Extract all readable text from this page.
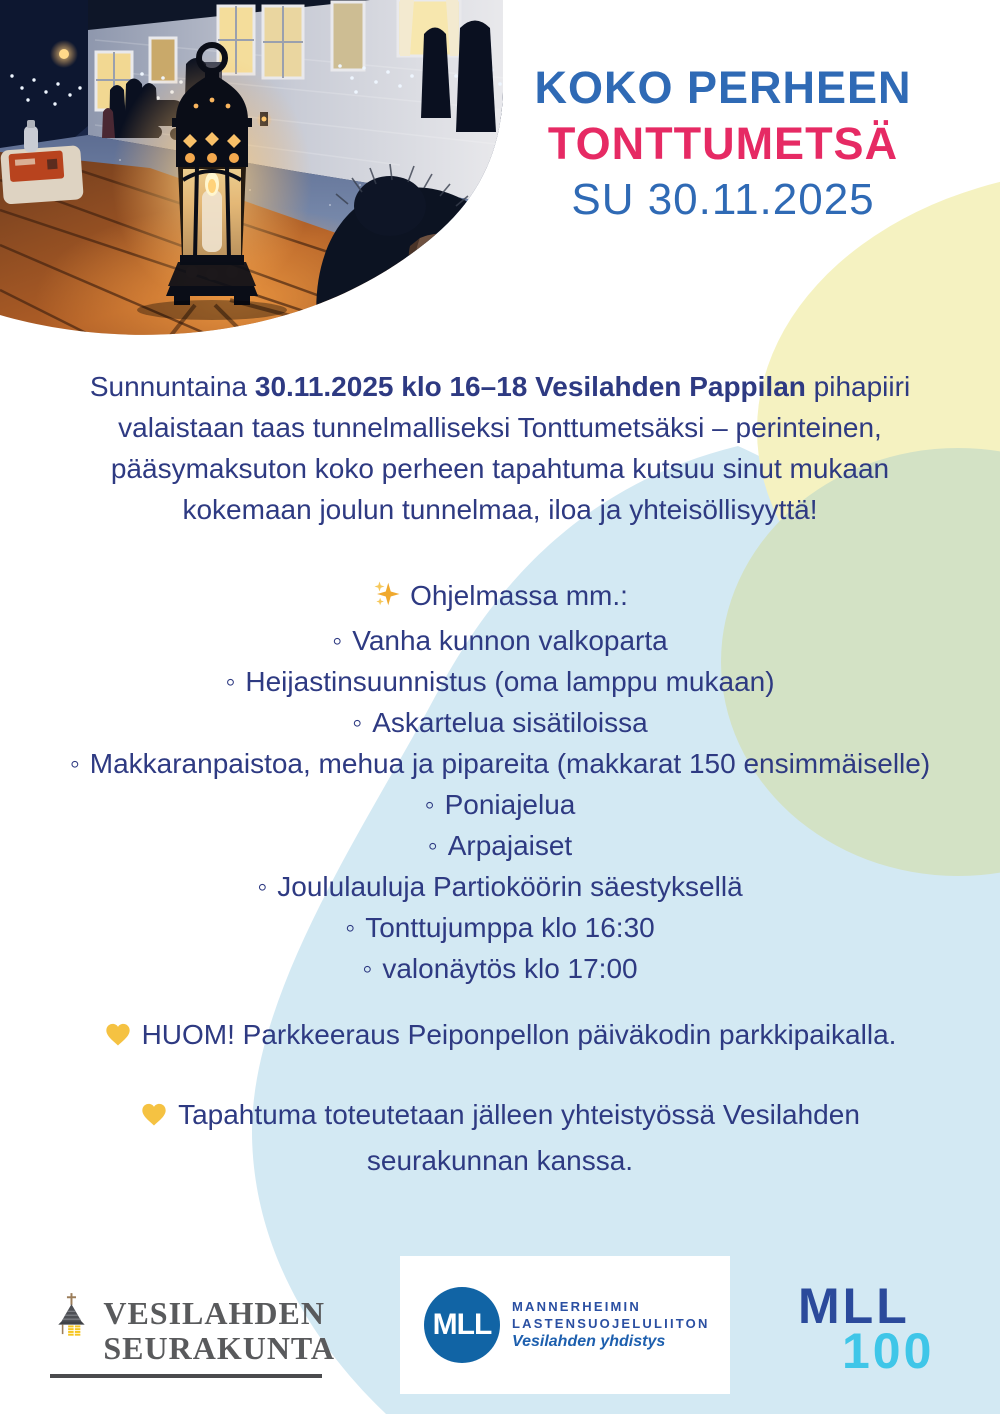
KOKO PERHEEN
TONTTUMETSÄ
SU 30.11.2025
Sunnuntaina 30.11.2025 klo 16–18 Vesilahden Pappilan pihapiiri
valaistaan taas tunnelmalliseksi Tonttumetsäksi – perinteinen,
pääsymaksuton koko perheen tapahtuma kutsuu sinut mukaan
kokemaan joulun tunnelmaa, iloa ja yhteisöllisyyttä!
Ohjelmassa mm.:
◦ Vanha kunnon valkoparta
◦ Heijastinsuunnistus (oma lamppu mukaan)
◦ Askartelua sisätiloissa
◦ Makkaranpaistoa, mehua ja pipareita (makkarat 150 ensimmäiselle)
◦ Poniajelua
◦ Arpajaiset
◦ Joululauluja Partioköörin säestyksellä
◦ Tonttujumppa klo 16:30
◦ valonäytös klo 17:00
HUOM! Parkkeeraus Peiponpellon päiväkodin parkkipaikalla.
Tapahtuma toteutetaan jälleen yhteistyössä Vesilahden
seurakunnan kanssa.
VESILAHDEN
SEURAKUNTA
MLL
MANNERHEIMIN
LASTENSUOJELULIITON
Vesilahden yhdistys
MLL
100
